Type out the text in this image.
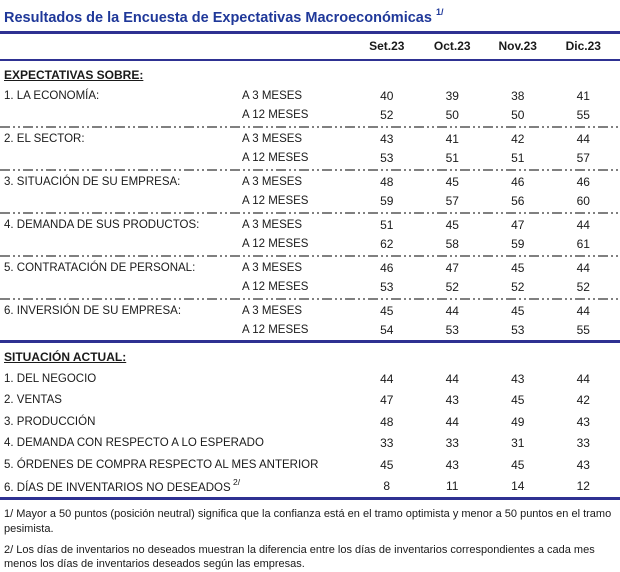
Resultados de la Encuesta de Expectativas Macroeconómicas $^{1/}$
Set.23	Oct.23	Nov.23	Dic.23
EXPECTATIVAS SOBRE:
1. LA ECONOMÍA:	A 3 MESES	40	39	38	41
A 12 MESES	52	50	50	55
2. EL SECTOR:	A 3 MESES	43	41	42	44
A 12 MESES	53	51	51	57
3. SITUACIÓN DE SU EMPRESA:	A 3 MESES	48	45	46	46
A 12 MESES	59	57	56	60
4. DEMANDA DE SUS PRODUCTOS:	A 3 MESES	51	45	47	44
A 12 MESES	62	58	59	61
5. CONTRATACIÓN DE PERSONAL:	A 3 MESES	46	47	45	44
A 12 MESES	53	52	52	52
6. INVERSIÓN DE SU EMPRESA:	A 3 MESES	45	44	45	44
A 12 MESES	54	53	53	55
SITUACIÓN ACTUAL:
1. DEL NEGOCIO	44	44	43	44
2. VENTAS	47	43	45	42
3. PRODUCCIÓN	48	44	49	43
4. DEMANDA CON RESPECTO A LO ESPERADO	33	33	31	33
5. ÓRDENES DE COMPRA RESPECTO AL MES ANTERIOR	45	43	45	43
6. DÍAS DE INVENTARIOS NO DESEADOS $^{2/}$	8	11	14	12

1/ Mayor a 50 puntos (posición neutral) significa que la confianza está en el tramo optimista y menor a 50 puntos en el tramo pesimista.

2/ Los días de inventarios no deseados muestran la diferencia entre los días de inventarios correspondientes a cada mes menos los días de inventarios deseados según las empresas.
